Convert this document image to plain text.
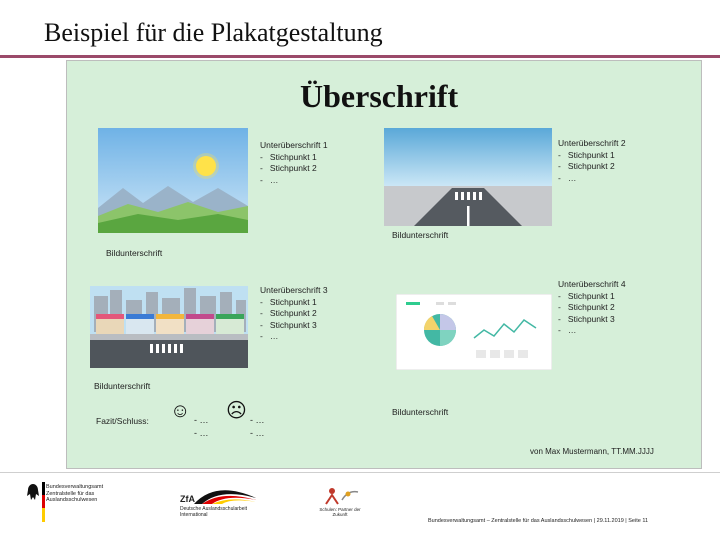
Beispiel für die Plakatgestaltung
Überschrift
Unterüberschrift 1
- Stichpunkt 1
- Stichpunkt 2
- …
Unterüberschrift 2
- Stichpunkt 1
- Stichpunkt 2
- …
Unterüberschrift 3
- Stichpunkt 1
- Stichpunkt 2
- Stichpunkt 3
- …
Unterüberschrift 4
- Stichpunkt 1
- Stichpunkt 2
- Stichpunkt 3
- …
Bildunterschrift
Bildunterschrift
Bildunterschrift
Bildunterschrift
Fazit/Schluss: ☺ - …
- …
☹ - …
- …
von Max Mustermann, TT.MM.JJJJ
Bundesverwaltungsamt
Zentralstelle für das
Auslandsschulwesen	ZfA
Deutsche Auslandsschularbeit
International
Schulen: Partner der Zukunft
Bundesverwaltungsamt – Zentralstelle für das Auslandsschulwesen | 29.11.2019 | Seite 11
